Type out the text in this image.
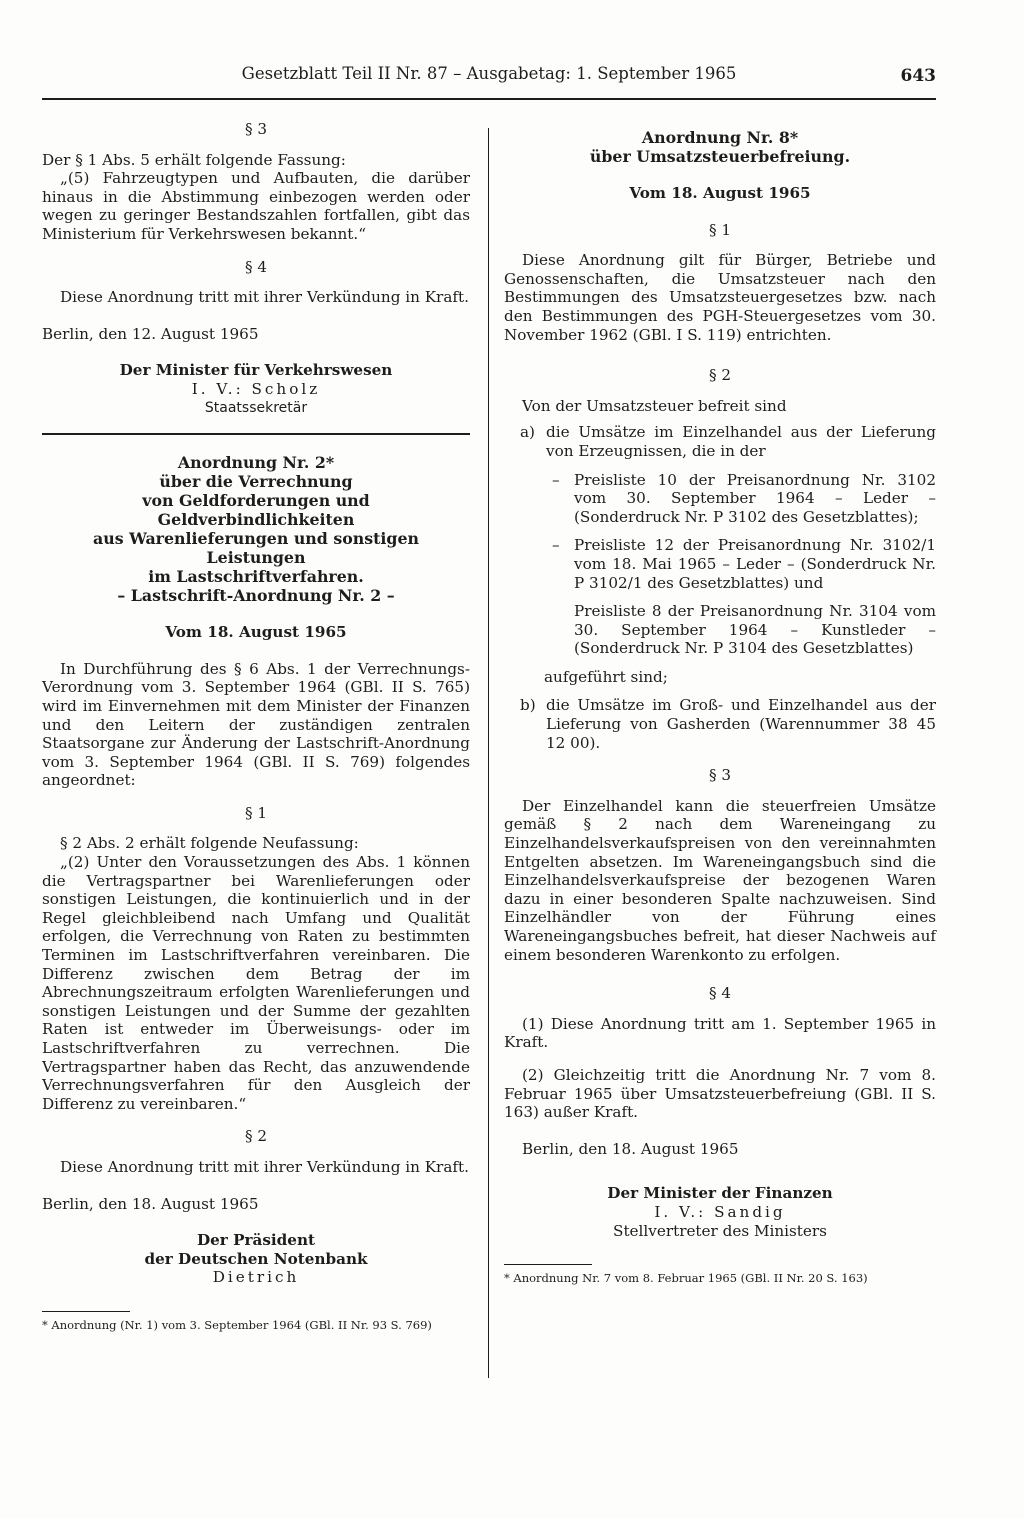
Gesetzblatt Teil II Nr. 87 – Ausgabetag: 1. September 1965	643

§ 3

Der § 1 Abs. 5 erhält folgende Fassung:

„(5) Fahrzeugtypen und Aufbauten, die darüber hinaus in die Abstimmung einbezogen werden oder wegen zu geringer Bestandszahlen fortfallen, gibt das Ministerium für Verkehrswesen bekannt.“

§ 4

Diese Anordnung tritt mit ihrer Verkündung in Kraft.

Berlin, den 12. August 1965

Der Minister für Verkehrswesen

I. V.: Scholz

Staatssekretär

Anordnung Nr. 2*

über die Verrechnung

von Geldforderungen und Geldverbindlichkeiten

aus Warenlieferungen und sonstigen Leistungen

im Lastschriftverfahren.

– Lastschrift-Anordnung Nr. 2 –

Vom 18. August 1965

In Durchführung des § 6 Abs. 1 der Verrechnungs-Verordnung vom 3. September 1964 (GBl. II S. 765) wird im Einvernehmen mit dem Minister der Finanzen und den Leitern der zuständigen zentralen Staatsorgane zur Änderung der Lastschrift-Anordnung vom 3. September 1964 (GBl. II S. 769) folgendes angeordnet:

§ 1

§ 2 Abs. 2 erhält folgende Neufassung:

„(2) Unter den Voraussetzungen des Abs. 1 können die Vertragspartner bei Warenlieferungen oder sonstigen Leistungen, die kontinuierlich und in der Regel gleichbleibend nach Umfang und Qualität erfolgen, die Verrechnung von Raten zu bestimmten Terminen im Lastschriftverfahren vereinbaren. Die Differenz zwischen dem Betrag der im Abrechnungszeitraum erfolgten Warenlieferungen und sonstigen Leistungen und der Summe der gezahlten Raten ist entweder im Überweisungs- oder im Lastschriftverfahren zu verrechnen. Die Vertragspartner haben das Recht, das anzuwendende Verrechnungsverfahren für den Ausgleich der Differenz zu vereinbaren.“

§ 2

Diese Anordnung tritt mit ihrer Verkündung in Kraft.

Berlin, den 18. August 1965

Der Präsident

der Deutschen Notenbank

Dietrich

* Anordnung (Nr. 1) vom 3. September 1964 (GBl. II Nr. 93 S. 769)

Anordnung Nr. 8*

über Umsatzsteuerbefreiung.

Vom 18. August 1965

§ 1

Diese Anordnung gilt für Bürger, Betriebe und Genossenschaften, die Umsatzsteuer nach den Bestimmungen des Umsatzsteuergesetzes bzw. nach den Bestimmungen des PGH-Steuergesetzes vom 30. November 1962 (GBl. I S. 119) entrichten.

§ 2

Von der Umsatzsteuer befreit sind

a) die Umsätze im Einzelhandel aus der Lieferung von Erzeugnissen, die in der

– Preisliste 10 der Preisanordnung Nr. 3102 vom 30. September 1964 – Leder – (Sonderdruck Nr. P 3102 des Gesetzblattes);

– Preisliste 12 der Preisanordnung Nr. 3102/1 vom 18. Mai 1965 – Leder – (Sonderdruck Nr. P 3102/1 des Gesetzblattes) und

Preisliste 8 der Preisanordnung Nr. 3104 vom 30. September 1964 – Kunstleder – (Sonderdruck Nr. P 3104 des Gesetzblattes)

aufgeführt sind;

b) die Umsätze im Groß- und Einzelhandel aus der Lieferung von Gasherden (Warennummer 38 45 12 00).

§ 3

Der Einzelhandel kann die steuerfreien Umsätze gemäß § 2 nach dem Wareneingang zu Einzelhandelsverkaufspreisen von den vereinnahmten Entgelten absetzen. Im Wareneingangsbuch sind die Einzelhandelsverkaufspreise der bezogenen Waren dazu in einer besonderen Spalte nachzuweisen. Sind Einzelhändler von der Führung eines Wareneingangsbuches befreit, hat dieser Nachweis auf einem besonderen Warenkonto zu erfolgen.

§ 4

(1) Diese Anordnung tritt am 1. September 1965 in Kraft.

(2) Gleichzeitig tritt die Anordnung Nr. 7 vom 8. Februar 1965 über Umsatzsteuerbefreiung (GBl. II S. 163) außer Kraft.

Berlin, den 18. August 1965

Der Minister der Finanzen

I. V.: Sandig

Stellvertreter des Ministers

* Anordnung Nr. 7 vom 8. Februar 1965 (GBl. II Nr. 20 S. 163)
